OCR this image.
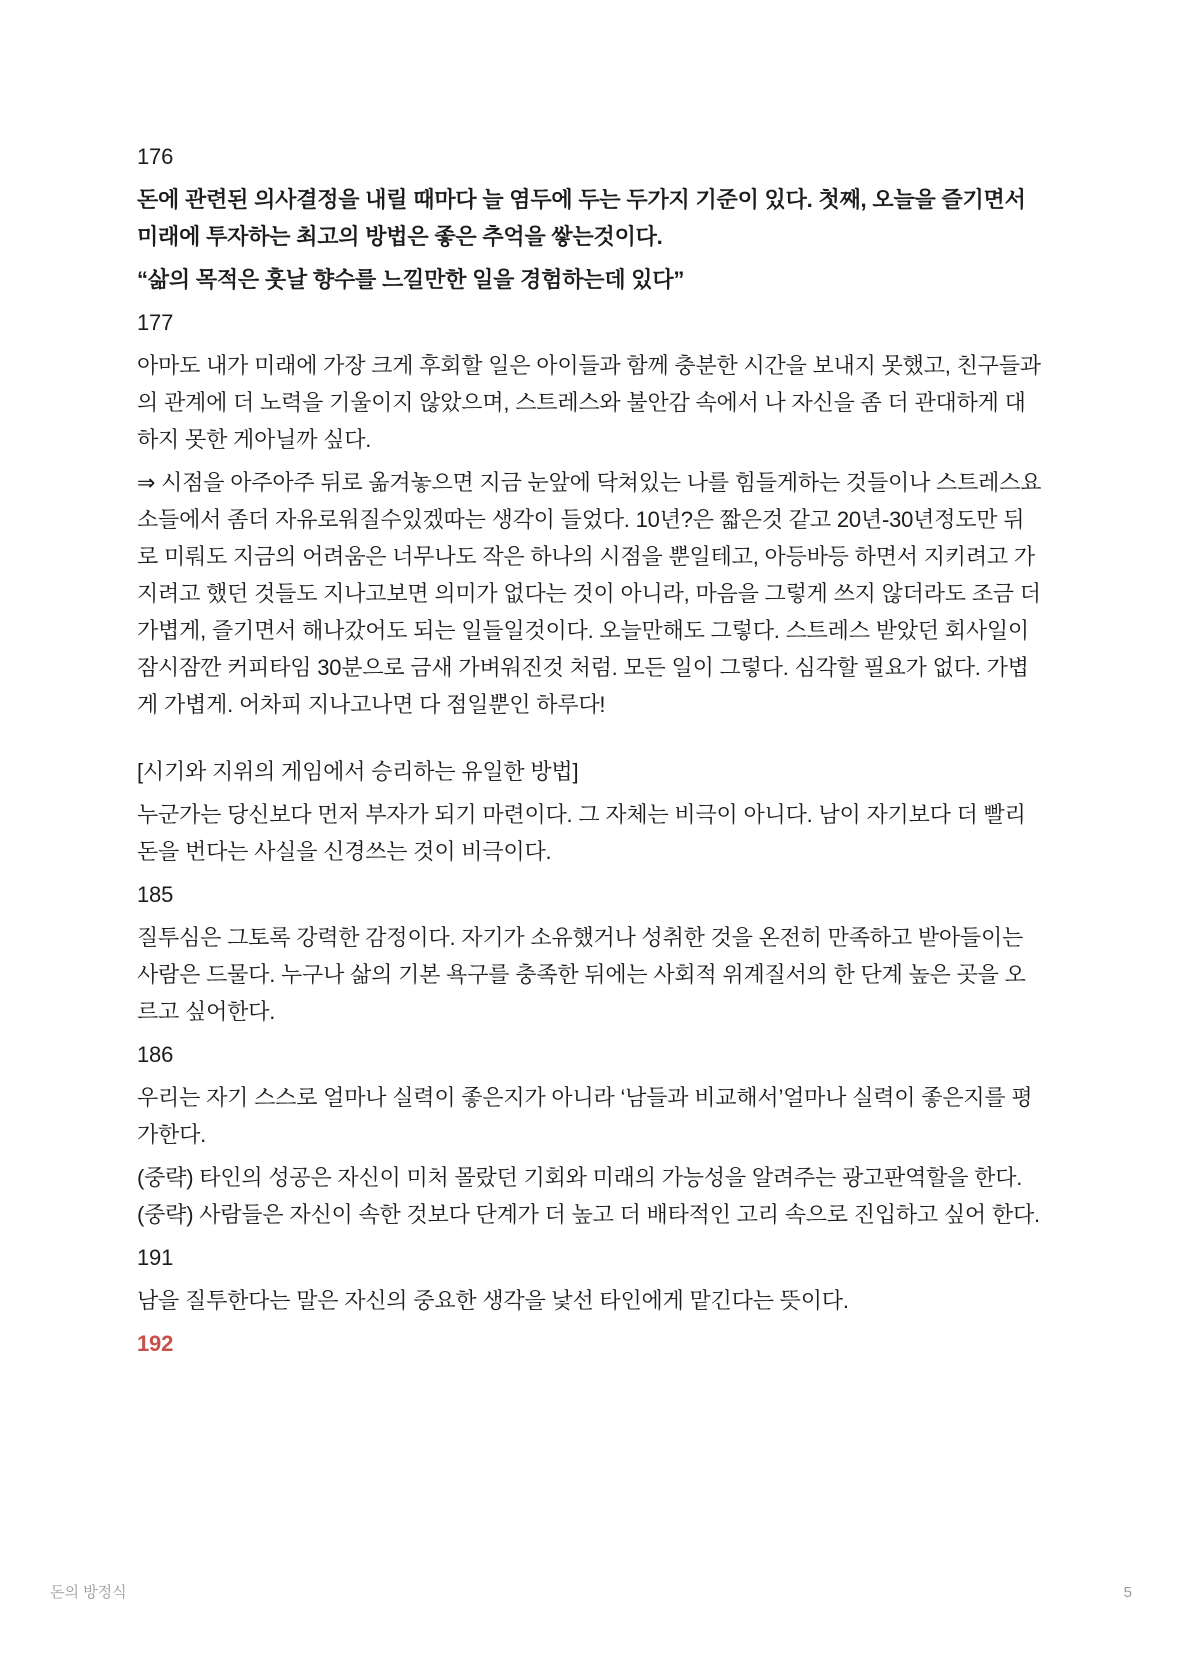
176

돈에 관련된 의사결정을 내릴 때마다 늘 염두에 두는 두가지 기준이 있다. 첫째, 오늘을 즐기면서 미래에 투자하는 최고의 방법은 좋은 추억을 쌓는것이다.

“삶의 목적은 훗날 향수를 느낄만한 일을 경험하는데 있다”

177

아마도 내가 미래에 가장 크게 후회할 일은 아이들과 함께 충분한 시간을 보내지 못했고, 친구들과의 관계에 더 노력을 기울이지 않았으며, 스트레스와 불안감 속에서 나 자신을 좀 더 관대하게 대하지 못한 게아닐까 싶다.

⇒ 시점을 아주아주 뒤로 옮겨놓으면 지금 눈앞에 닥쳐있는 나를 힘들게하는 것들이나 스트레스요소들에서 좀더 자유로워질수있겠따는 생각이 들었다. 10년?은 짧은것 같고 20년-30년정도만 뒤로 미뤄도 지금의 어려움은 너무나도 작은 하나의 시점을 뿐일테고, 아등바등 하면서 지키려고 가지려고 했던 것들도 지나고보면 의미가 없다는 것이 아니라, 마음을 그렇게 쓰지 않더라도 조금 더 가볍게, 즐기면서 해나갔어도 되는 일들일것이다. 오늘만해도 그렇다. 스트레스 받았던 회사일이 잠시잠깐 커피타임 30분으로 금새 가벼워진것 처럼. 모든 일이 그렇다. 심각할 필요가 없다. 가볍게 가볍게. 어차피 지나고나면 다 점일뿐인 하루다!

[시기와 지위의 게임에서 승리하는 유일한 방법]

누군가는 당신보다 먼저 부자가 되기 마련이다. 그 자체는 비극이 아니다. 남이 자기보다 더 빨리 돈을 번다는 사실을 신경쓰는 것이 비극이다.

185

질투심은 그토록 강력한 감정이다. 자기가 소유했거나 성취한 것을 온전히 만족하고 받아들이는 사람은 드물다. 누구나 삶의 기본 욕구를 충족한 뒤에는 사회적 위계질서의 한 단계 높은 곳을 오르고 싶어한다.

186

우리는 자기 스스로 얼마나 실력이 좋은지가 아니라 ‘남들과 비교해서’얼마나 실력이 좋은지를 평가한다.

(중략) 타인의 성공은 자신이 미처 몰랐던 기회와 미래의 가능성을 알려주는 광고판역할을 한다. (중략) 사람들은 자신이 속한 것보다 단계가 더 높고 더 배타적인 고리 속으로 진입하고 싶어 한다.

191

남을 질투한다는 말은 자신의 중요한 생각을 낯선 타인에게 맡긴다는 뜻이다.

192

돈의 방정식	5
